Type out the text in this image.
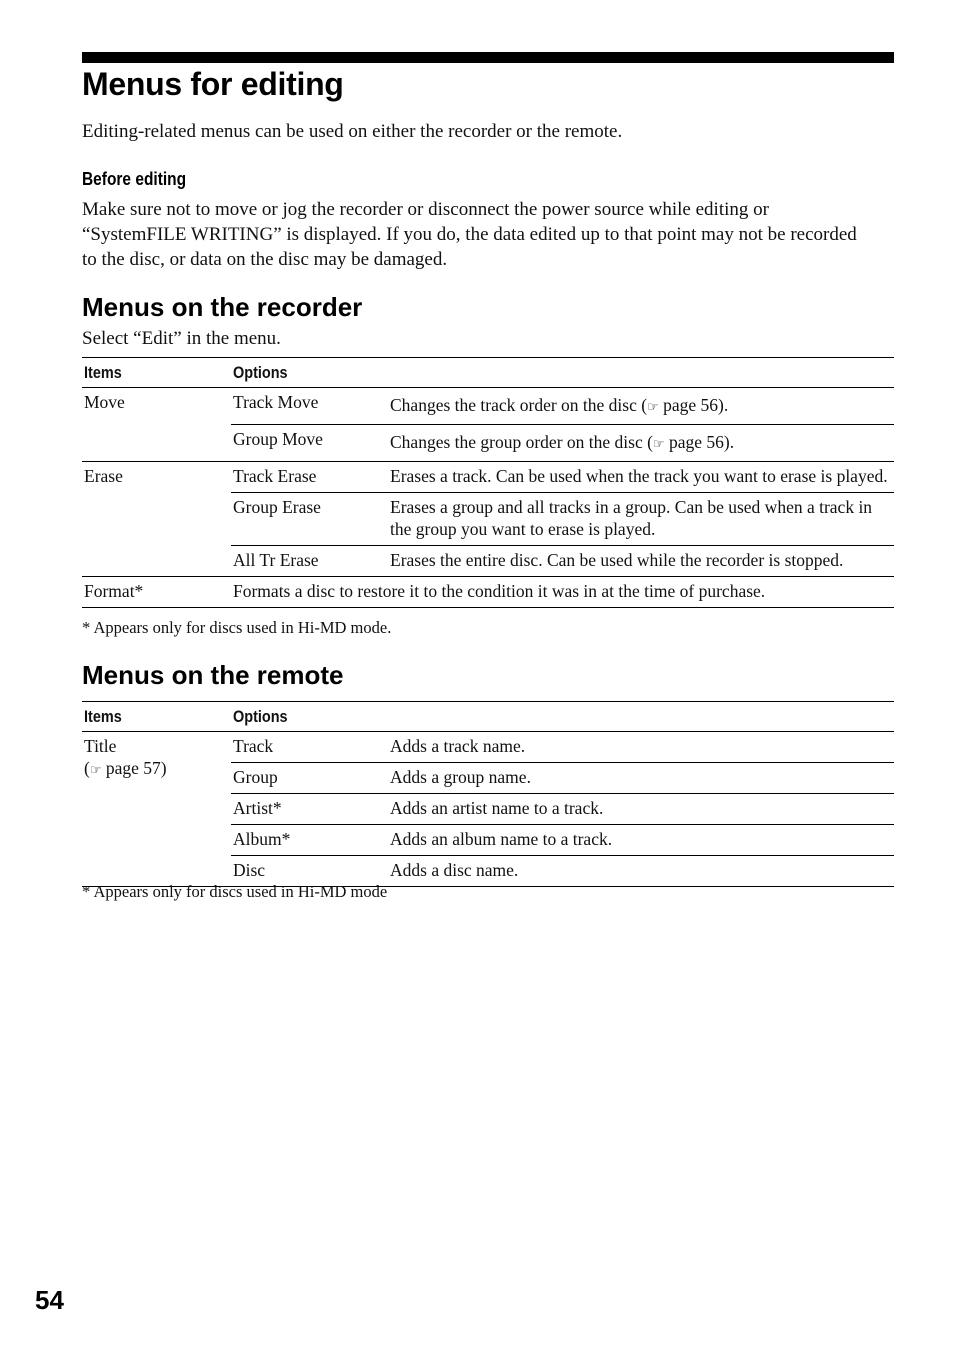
Menus for editing
Editing-related menus can be used on either the recorder or the remote.
Before editing

Make sure not to move or jog the recorder or disconnect the power source while editing or “SystemFILE WRITING” is displayed. If you do, the data edited up to that point may not be recorded to the disc, or data on the disc may be damaged.

Menus on the recorder
Select “Edit” in the menu.
Items	Options	
Move	Track Move	Changes the track order on the disc (☞ page 56).
	Group Move	Changes the group order on the disc (☞ page 56).
Erase	Track Erase	Erases a track. Can be used when the track you want to erase is played.
	Group Erase	Erases a group and all tracks in a group. Can be used when a track in the group you want to erase is played.
	All Tr Erase	Erases the entire disc. Can be used while the recorder is stopped.
Format*	Formats a disc to restore it to the condition it was in at the time of purchase.	
* Appears only for discs used in Hi-MD mode.
Menus on the remote
Items	Options	

Title
(☞ page 57)	Track	Adds a track name.
	Group	Adds a group name.
	Artist*	Adds an artist name to a track.
	Album*	Adds an album name to a track.
	Disc	Adds a disc name.
* Appears only for discs used in Hi-MD mode
54
